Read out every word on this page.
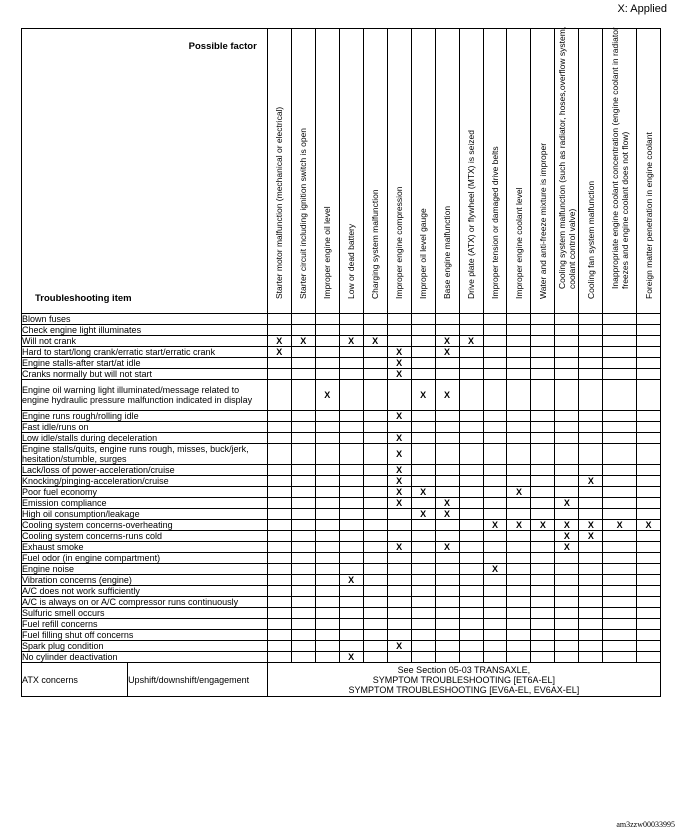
X: Applied
Possible factor
Troubleshooting item		Starter motor malfunction (mechanical or electrical)	Starter circuit including ignition switch is open	Improper engine oil level	Low or dead battery	Charging system malfunction	Improper engine compression	Improper oil level gauge	Base engine malfunction	Drive plate (ATX) or flywheel (MTX) is seized	Improper tension or damaged drive belts	Improper engine coolant level	Water and anti-freeze mixture is improper	Cooling system malfunction (such as radiator, hoses,overflow system, coolant control valve)	Cooling fan system malfunction	Inappropriate engine coolant concentration (engine coolant in radiator freezes and engine coolant does not flow)	Foreign matter penetration in engine coolant

Blown fuses																	
Check engine light illuminates																	
Will not crank		X	X		X	X			X	X							
Hard to start/long crank/erratic start/erratic crank		X					X		X								
Engine stalls-after start/at idle							X										
Cranks normally but will not start							X										
Engine oil warning light illuminated/message related to engine hydraulic pressure malfunction indicated in display				X				X	X								
Engine runs rough/rolling idle							X										
Fast idle/runs on																	
Low idle/stalls during deceleration							X										
Engine stalls/quits, engine runs rough, misses, buck/jerk, hesitation/stumble, surges							X										
Lack/loss of power-acceleration/cruise							X										
Knocking/pinging-acceleration/cruise							X								X		
Poor fuel economy							X	X				X					
Emission compliance							X		X					X			
High oil consumption/leakage								X	X								
Cooling system concerns-overheating											X	X	X	X	X	X	X
Cooling system concerns-runs cold														X	X		
Exhaust smoke							X		X					X			
Fuel odor (in engine compartment)																	
Engine noise											X						
Vibration concerns (engine)					X												
A/C does not work sufficiently																	
A/C is always on or A/C compressor runs continuously																	
Sulfuric smell occurs																	
Fuel refill concerns																	
Fuel filling shut off concerns																	
Spark plug condition							X										
No cylinder deactivation					X												
ATX concerns	Upshift/downshift/engagement	See Section 05-03 TRANSAXLE,
SYMPTOM TROUBLESHOOTING [ET6A-EL]
SYMPTOM TROUBLESHOOTING [EV6A-EL, EV6AX-EL]															
am3zzw00033995
